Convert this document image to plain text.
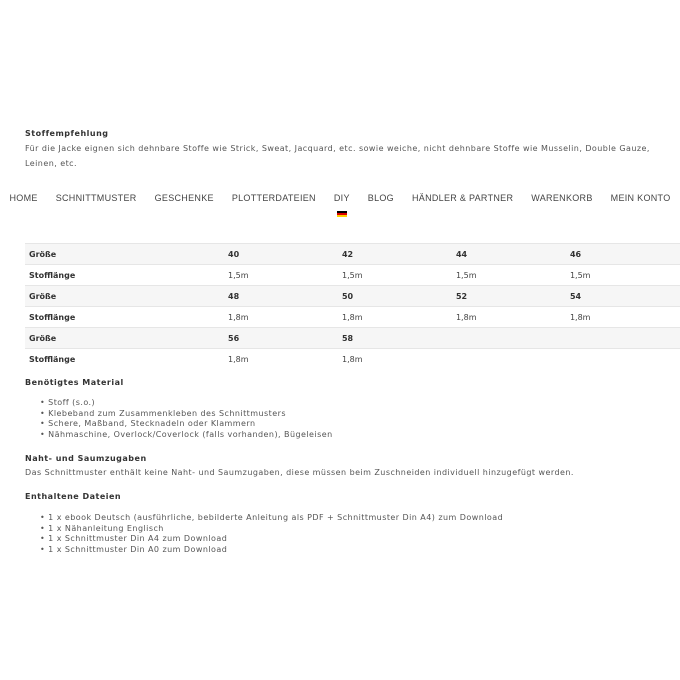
Stoffempfehlung
Für die Jacke eignen sich dehnbare Stoffe wie Strick, Sweat, Jacquard, etc. sowie weiche, nicht dehnbare Stoffe wie Musselin, Double Gauze, Leinen, etc.
HOME SCHNITTMUSTER GESCHENKE PLOTTERDATEIEN DIY BLOG HÄNDLER & PARTNER WARENKORB MEIN KONTO
Größe	40	42	44	46
Stofflänge	1,5m	1,5m	1,5m	1,5m
Größe	48	50	52	54
Stofflänge	1,8m	1,8m	1,8m	1,8m
Größe	56	58		
Stofflänge	1,8m	1,8m		
Benötigtes Material
• Stoff (s.o.)
• Klebeband zum Zusammenkleben des Schnittmusters
• Schere, Maßband, Stecknadeln oder Klammern
• Nähmaschine, Overlock/Coverlock (falls vorhanden), Bügeleisen
Naht- und Saumzugaben
Das Schnittmuster enthält keine Naht- und Saumzugaben, diese müssen beim Zuschneiden individuell hinzugefügt werden.
Enthaltene Dateien
• 1 x ebook Deutsch (ausführliche, bebilderte Anleitung als PDF + Schnittmuster Din A4) zum Download
• 1 x Nähanleitung Englisch
• 1 x Schnittmuster Din A4 zum Download
• 1 x Schnittmuster Din A0 zum Download
